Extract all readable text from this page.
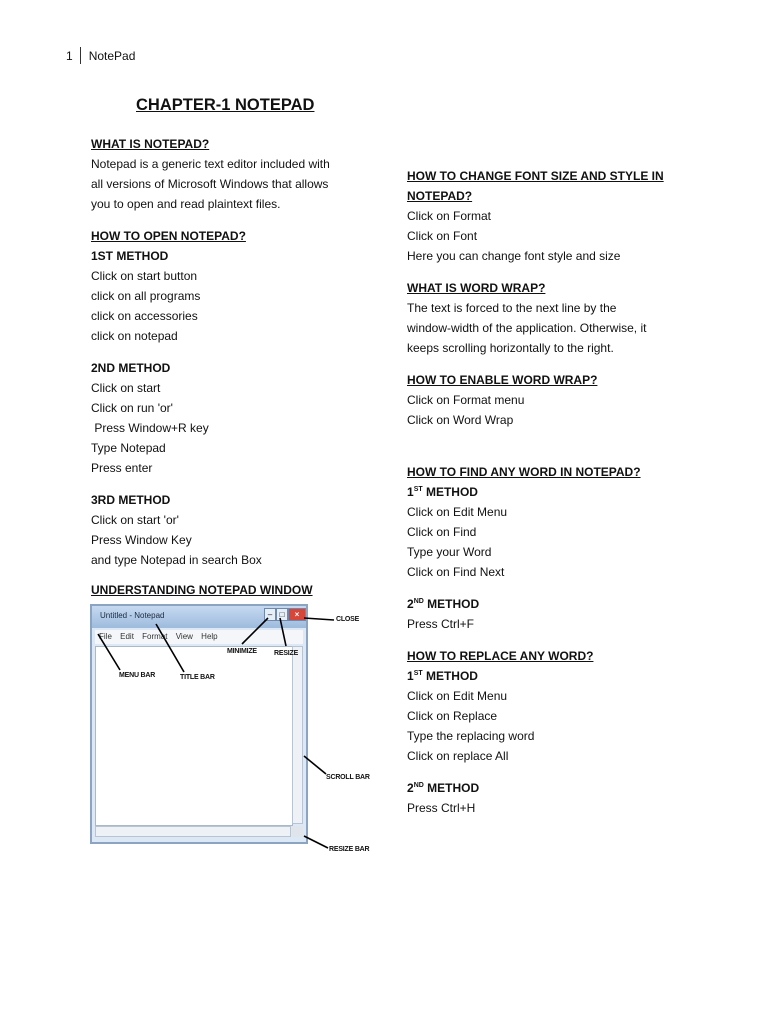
1 NotePad
CHAPTER-1 NOTEPAD

WHAT IS NOTEPAD?

Notepad is a generic text editor included with

all versions of Microsoft Windows that allows

you to open and read plaintext files.

HOW TO OPEN NOTEPAD?

1ST METHOD

Click on start button

click on all programs

click on accessories

click on notepad

2ND METHOD

Click on start

Click on run 'or'

Press Window+R key

Type Notepad

Press enter

3RD METHOD

Click on start 'or'

Press Window Key

and type Notepad in search Box

UNDERSTANDING NOTEPAD WINDOW

Untitled - Notepad	– □	×
File Edit Format View Help
CLOSE
MINIMIZE RESIZE
MENU BAR	TITLE BAR
SCROLL BAR
RESIZE BAR

HOW TO CHANGE FONT SIZE AND STYLE IN

NOTEPAD?

Click on Format

Click on Font

Here you can change font style and size

WHAT IS WORD WRAP?

The text is forced to the next line by the

window-width of the application. Otherwise, it

keeps scrolling horizontally to the right.

HOW TO ENABLE WORD WRAP?

Click on Format menu

Click on Word Wrap

HOW TO FIND ANY WORD IN NOTEPAD?

1ST METHOD

Click on Edit Menu

Click on Find

Type your Word

Click on Find Next

2ND METHOD

Press Ctrl+F

HOW TO REPLACE ANY WORD?

1ST METHOD

Click on Edit Menu

Click on Replace

Type the replacing word

Click on replace All

2ND METHOD

Press Ctrl+H
